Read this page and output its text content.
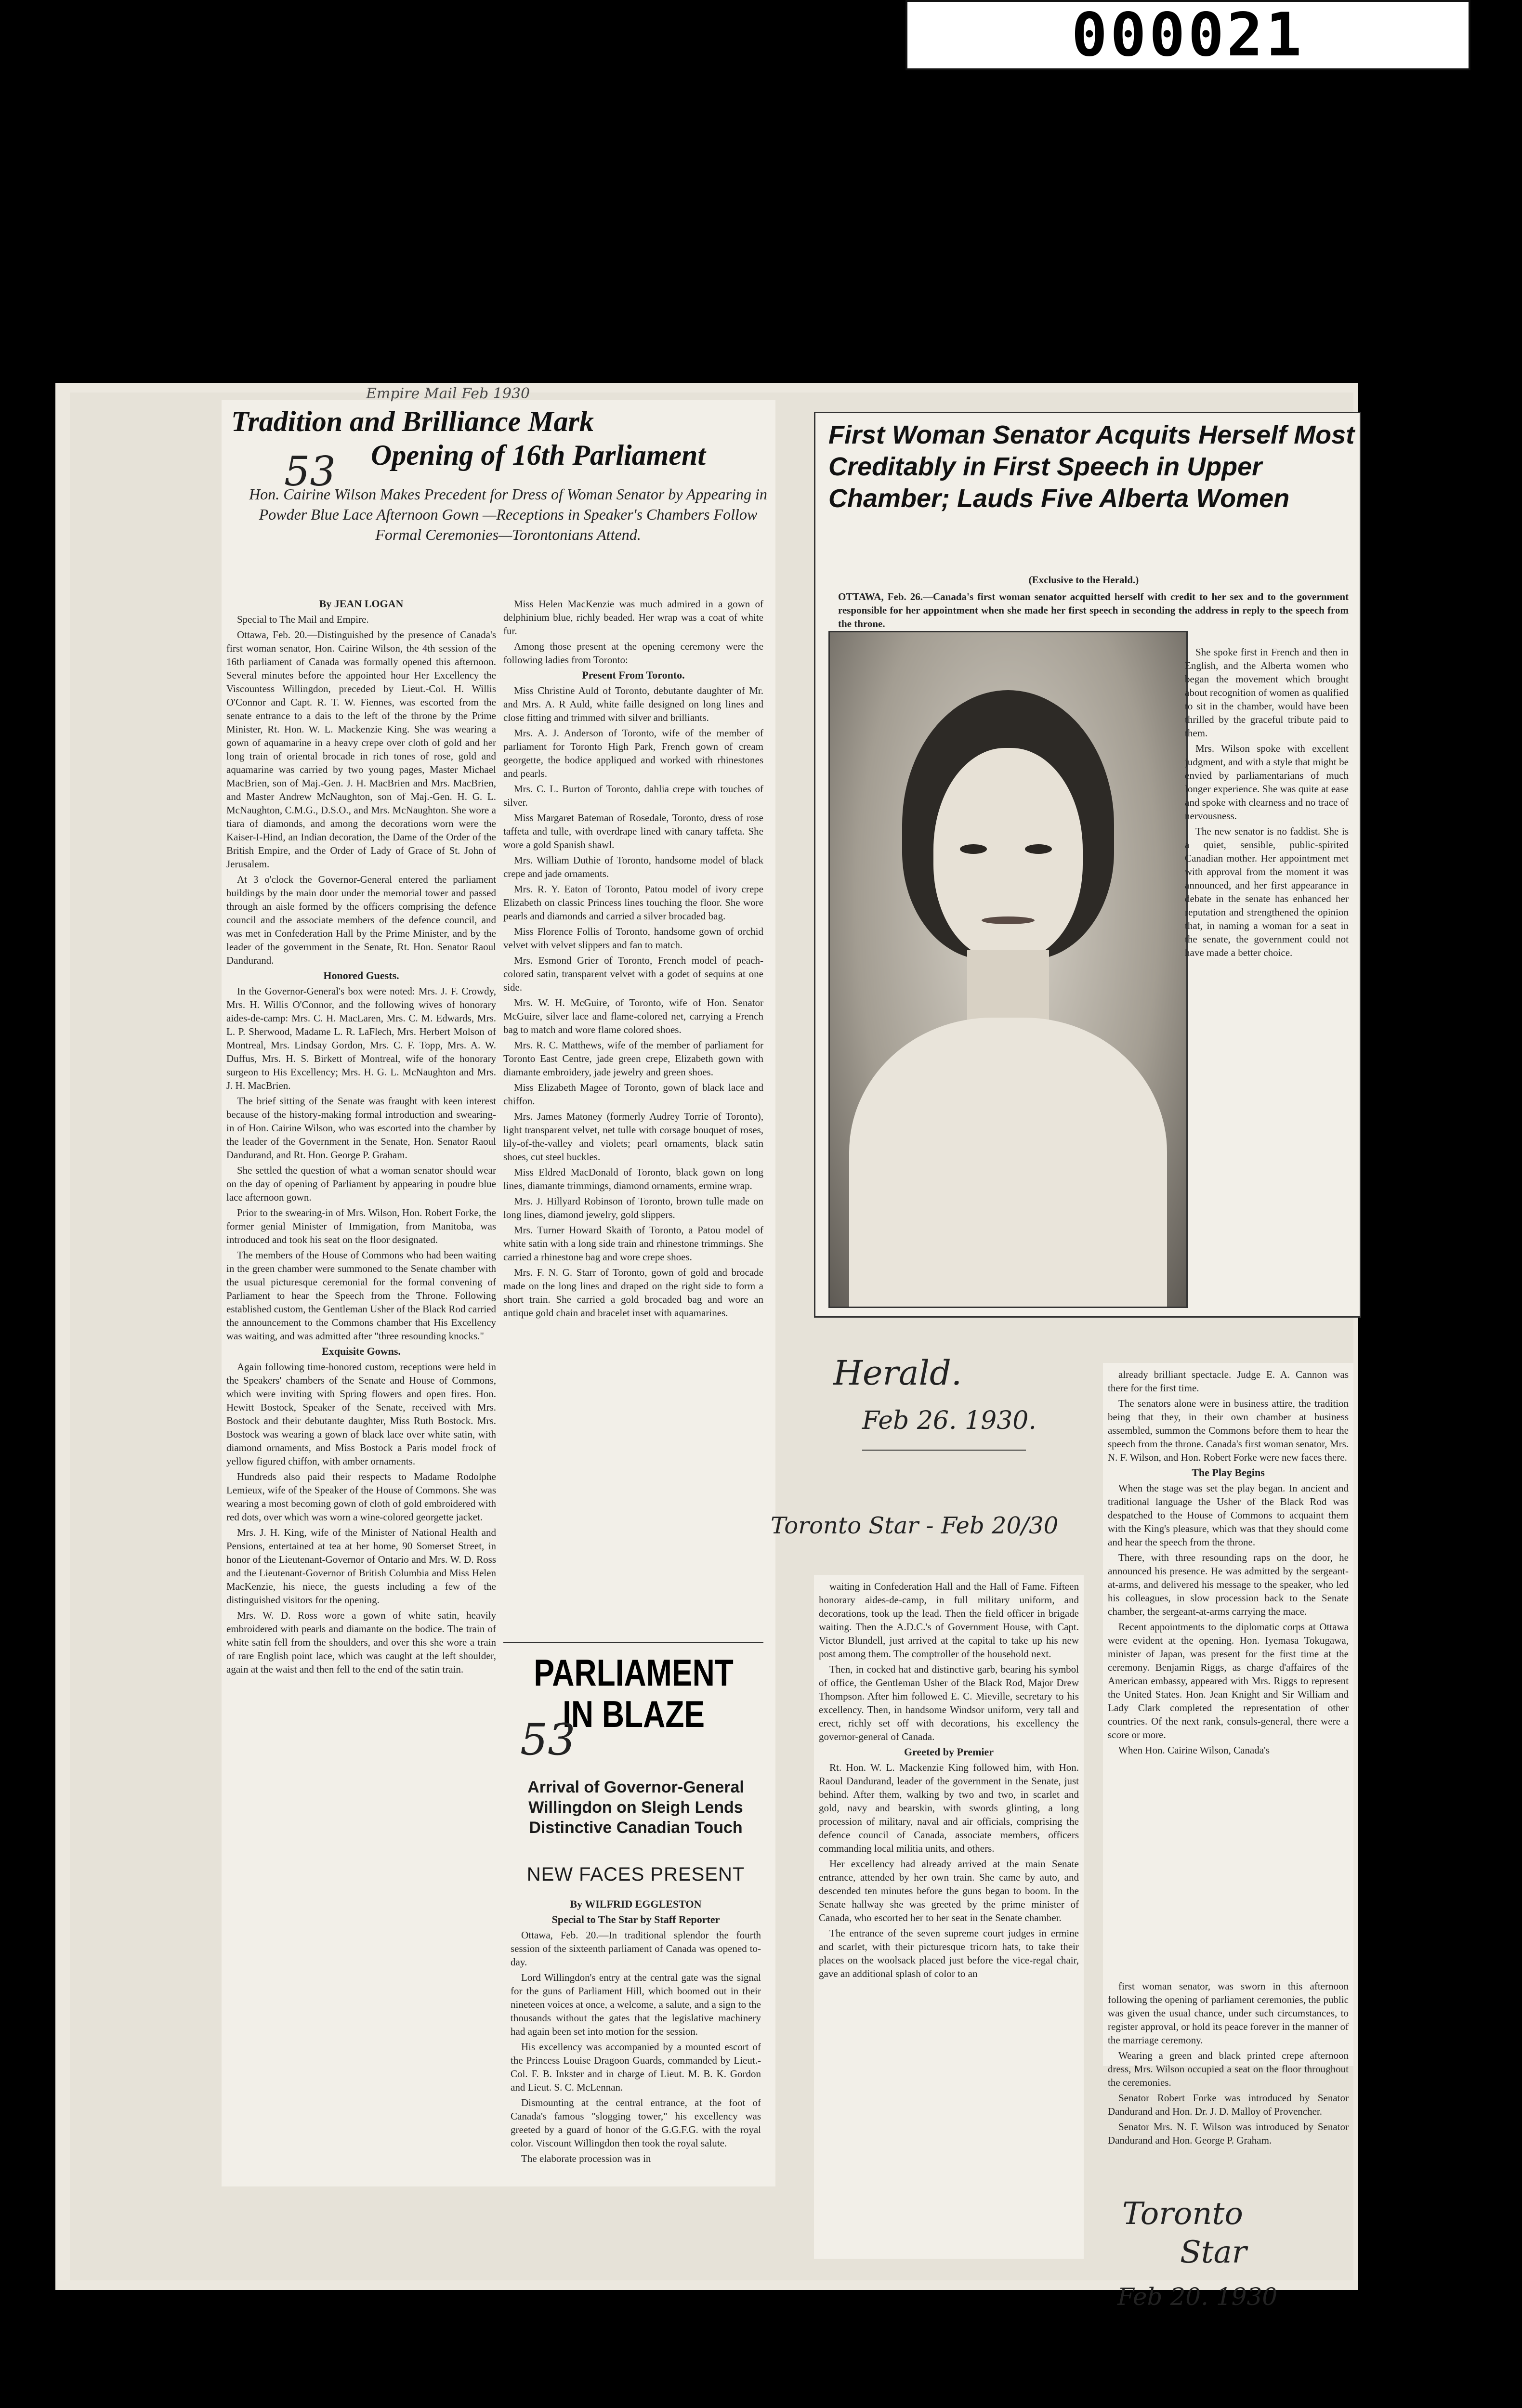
000021
Empire Mail Feb 1930
Tradition and Brilliance Mark
Opening of 16th Parliament
53
Hon. Cairine Wilson Makes Precedent for Dress of Woman Senator by Appearing in Powder Blue Lace Afternoon Gown —Receptions in Speaker's Chambers Follow Formal Ceremonies—Torontonians Attend.

By JEAN LOGAN

Special to The Mail and Empire.

Ottawa, Feb. 20.—Distinguished by the presence of Canada's first woman senator, Hon. Cairine Wilson, the 4th session of the 16th parliament of Canada was formally opened this afternoon. Several minutes before the appointed hour Her Excellency the Viscountess Willingdon, preceded by Lieut.-Col. H. Willis O'Connor and Capt. R. T. W. Fiennes, was escorted from the senate entrance to a dais to the left of the throne by the Prime Minister, Rt. Hon. W. L. Mackenzie King. She was wearing a gown of aquamarine in a heavy crepe over cloth of gold and her long train of oriental brocade in rich tones of rose, gold and aquamarine was carried by two young pages, Master Michael MacBrien, son of Maj.-Gen. J. H. MacBrien and Mrs. MacBrien, and Master Andrew McNaughton, son of Maj.-Gen. H. G. L. McNaughton, C.M.G., D.S.O., and Mrs. McNaughton. She wore a tiara of diamonds, and among the decorations worn were the Kaiser-I-Hind, an Indian decoration, the Dame of the Order of the British Empire, and the Order of Lady of Grace of St. John of Jerusalem.

At 3 o'clock the Governor-General entered the parliament buildings by the main door under the memorial tower and passed through an aisle formed by the officers comprising the defence council and the associate members of the defence council, and was met in Confederation Hall by the Prime Minister, and by the leader of the government in the Senate, Rt. Hon. Senator Raoul Dandurand.

Honored Guests.

In the Governor-General's box were noted: Mrs. J. F. Crowdy, Mrs. H. Willis O'Connor, and the following wives of honorary aides-de-camp: Mrs. C. H. MacLaren, Mrs. C. M. Edwards, Mrs. L. P. Sherwood, Madame L. R. LaFlech, Mrs. Herbert Molson of Montreal, Mrs. Lindsay Gordon, Mrs. C. F. Topp, Mrs. A. W. Duffus, Mrs. H. S. Birkett of Montreal, wife of the honorary surgeon to His Excellency; Mrs. H. G. L. McNaughton and Mrs. J. H. MacBrien.

The brief sitting of the Senate was fraught with keen interest because of the history-making formal introduction and swearing-in of Hon. Cairine Wilson, who was escorted into the chamber by the leader of the Government in the Senate, Hon. Senator Raoul Dandurand, and Rt. Hon. George P. Graham.

She settled the question of what a woman senator should wear on the day of opening of Parliament by appearing in poudre blue lace afternoon gown.

Prior to the swearing-in of Mrs. Wilson, Hon. Robert Forke, the former genial Minister of Immigation, from Manitoba, was introduced and took his seat on the floor designated.

The members of the House of Commons who had been waiting in the green chamber were summoned to the Senate chamber with the usual picturesque ceremonial for the formal convening of Parliament to hear the Speech from the Throne. Following established custom, the Gentleman Usher of the Black Rod carried the announcement to the Commons chamber that His Excellency was waiting, and was admitted after "three resounding knocks."

Exquisite Gowns.

Again following time-honored custom, receptions were held in the Speakers' chambers of the Senate and House of Commons, which were inviting with Spring flowers and open fires. Hon. Hewitt Bostock, Speaker of the Senate, received with Mrs. Bostock and their debutante daughter, Miss Ruth Bostock. Mrs. Bostock was wearing a gown of black lace over white satin, with diamond ornaments, and Miss Bostock a Paris model frock of yellow figured chiffon, with amber ornaments.

Hundreds also paid their respects to Madame Rodolphe Lemieux, wife of the Speaker of the House of Commons. She was wearing a most becoming gown of cloth of gold embroidered with red dots, over which was worn a wine-colored georgette jacket.

Mrs. J. H. King, wife of the Minister of National Health and Pensions, entertained at tea at her home, 90 Somerset Street, in honor of the Lieutenant-Governor of Ontario and Mrs. W. D. Ross and the Lieutenant-Governor of British Columbia and Miss Helen MacKenzie, his niece, the guests including a few of the distinguished visitors for the opening.

Mrs. W. D. Ross wore a gown of white satin, heavily embroidered with pearls and diamante on the bodice. The train of white satin fell from the shoulders, and over this she wore a train of rare English point lace, which was caught at the left shoulder, again at the waist and then fell to the end of the satin train.

Miss Helen MacKenzie was much admired in a gown of delphinium blue, richly beaded. Her wrap was a coat of white fur.

Among those present at the opening ceremony were the following ladies from Toronto:

Present From Toronto.

Miss Christine Auld of Toronto, debutante daughter of Mr. and Mrs. A. R Auld, white faille designed on long lines and close fitting and trimmed with silver and brilliants.

Mrs. A. J. Anderson of Toronto, wife of the member of parliament for Toronto High Park, French gown of cream georgette, the bodice appliqued and worked with rhinestones and pearls.

Mrs. C. L. Burton of Toronto, dahlia crepe with touches of silver.

Miss Margaret Bateman of Rosedale, Toronto, dress of rose taffeta and tulle, with overdrape lined with canary taffeta. She wore a gold Spanish shawl.

Mrs. William Duthie of Toronto, handsome model of black crepe and jade ornaments.

Mrs. R. Y. Eaton of Toronto, Patou model of ivory crepe Elizabeth on classic Princess lines touching the floor. She wore pearls and diamonds and carried a silver brocaded bag.

Miss Florence Follis of Toronto, handsome gown of orchid velvet with velvet slippers and fan to match.

Mrs. Esmond Grier of Toronto, French model of peach-colored satin, transparent velvet with a godet of sequins at one side.

Mrs. W. H. McGuire, of Toronto, wife of Hon. Senator McGuire, silver lace and flame-colored net, carrying a French bag to match and wore flame colored shoes.

Mrs. R. C. Matthews, wife of the member of parliament for Toronto East Centre, jade green crepe, Elizabeth gown with diamante embroidery, jade jewelry and green shoes.

Miss Elizabeth Magee of Toronto, gown of black lace and chiffon.

Mrs. James Matoney (formerly Audrey Torrie of Toronto), light transparent velvet, net tulle with corsage bouquet of roses, lily-of-the-valley and violets; pearl ornaments, black satin shoes, cut steel buckles.

Miss Eldred MacDonald of Toronto, black gown on long lines, diamante trimmings, diamond ornaments, ermine wrap.

Mrs. J. Hillyard Robinson of Toronto, brown tulle made on long lines, diamond jewelry, gold slippers.

Mrs. Turner Howard Skaith of Toronto, a Patou model of white satin with a long side train and rhinestone trimmings. She carried a rhinestone bag and wore crepe shoes.

Mrs. F. N. G. Starr of Toronto, gown of gold and brocade made on the long lines and draped on the right side to form a short train. She carried a gold brocaded bag and wore an antique gold chain and bracelet inset with aquamarines.

PARLIAMENT
IN BLAZE
53
Arrival of Governor-General Willingdon on Sleigh Lends Distinctive Canadian Touch
NEW FACES PRESENT

By WILFRID EGGLESTON

Special to The Star by Staff Reporter

Ottawa, Feb. 20.—In traditional splendor the fourth session of the sixteenth parliament of Canada was opened to-day.

Lord Willingdon's entry at the central gate was the signal for the guns of Parliament Hill, which boomed out in their nineteen voices at once, a welcome, a salute, and a sign to the thousands without the gates that the legislative machinery had again been set into motion for the session.

His excellency was accompanied by a mounted escort of the Princess Louise Dragoon Guards, commanded by Lieut.-Col. F. B. Inkster and in charge of Lieut. M. B. K. Gordon and Lieut. S. C. McLennan.

Dismounting at the central entrance, at the foot of Canada's famous "slogging tower," his excellency was greeted by a guard of honor of the G.G.F.G. with the royal color. Viscount Willingdon then took the royal salute.

The elaborate procession was in

First Woman Senator Acquits Herself Most Creditably in First Speech in Upper Chamber; Lauds Five Alberta Women
(Exclusive to the Herald.)
OTTAWA, Feb. 26.—Canada's first woman senator acquitted herself with credit to her sex and to the government responsible for her appointment when she made her first speech in seconding the address in reply to the speech from the throne.

She spoke first in French and then in English, and the Alberta women who began the movement which brought about recognition of women as qualified to sit in the chamber, would have been thrilled by the graceful tribute paid to them.

Mrs. Wilson spoke with excellent judgment, and with a style that might be envied by parliamentarians of much longer experience. She was quite at ease and spoke with clearness and no trace of nervousness.

The new senator is no faddist. She is a quiet, sensible, public-spirited Canadian mother. Her appointment met with approval from the moment it was announced, and her first appearance in debate in the senate has enhanced her reputation and strengthened the opinion that, in naming a woman for a seat in the senate, the government could not have made a better choice.

Herald.
Feb 26. 1930.
Toronto Star - Feb 20/30

waiting in Confederation Hall and the Hall of Fame. Fifteen honorary aides-de-camp, in full military uniform, and decorations, took up the lead. Then the field officer in brigade waiting. Then the A.D.C.'s of Government House, with Capt. Victor Blundell, just arrived at the capital to take up his new post among them. The comptroller of the household next.

Then, in cocked hat and distinctive garb, bearing his symbol of office, the Gentleman Usher of the Black Rod, Major Drew Thompson. After him followed E. C. Mieville, secretary to his excellency. Then, in handsome Windsor uniform, very tall and erect, richly set off with decorations, his excellency the governor-general of Canada.

Greeted by Premier

Rt. Hon. W. L. Mackenzie King followed him, with Hon. Raoul Dandurand, leader of the government in the Senate, just behind. After them, walking by two and two, in scarlet and gold, navy and bearskin, with swords glinting, a long procession of military, naval and air officials, comprising the defence council of Canada, associate members, officers commanding local militia units, and others.

Her excellency had already arrived at the main Senate entrance, attended by her own train. She came by auto, and descended ten minutes before the guns began to boom. In the Senate hallway she was greeted by the prime minister of Canada, who escorted her to her seat in the Senate chamber.

The entrance of the seven supreme court judges in ermine and scarlet, with their picturesque tricorn hats, to take their places on the woolsack placed just before the vice-regal chair, gave an additional splash of color to an

already brilliant spectacle. Judge E. A. Cannon was there for the first time.

The senators alone were in business attire, the tradition being that they, in their own chamber at business assembled, summon the Commons before them to hear the speech from the throne. Canada's first woman senator, Mrs. N. F. Wilson, and Hon. Robert Forke were new faces there.

The Play Begins

When the stage was set the play began. In ancient and traditional language the Usher of the Black Rod was despatched to the House of Commons to acquaint them with the King's pleasure, which was that they should come and hear the speech from the throne.

There, with three resounding raps on the door, he announced his presence. He was admitted by the sergeant-at-arms, and delivered his message to the speaker, who led his colleagues, in slow procession back to the Senate chamber, the sergeant-at-arms carrying the mace.

Recent appointments to the diplomatic corps at Ottawa were evident at the opening. Hon. Iyemasa Tokugawa, minister of Japan, was present for the first time at the ceremony. Benjamin Riggs, as charge d'affaires of the American embassy, appeared with Mrs. Riggs to represent the United States. Hon. Jean Knight and Sir William and Lady Clark completed the representation of other countries. Of the next rank, consuls-general, there were a score or more.

When Hon. Cairine Wilson, Canada's

first woman senator, was sworn in this afternoon following the opening of parliament ceremonies, the public was given the usual chance, under such circumstances, to register approval, or hold its peace forever in the manner of the marriage ceremony.

Wearing a green and black printed crepe afternoon dress, Mrs. Wilson occupied a seat on the floor throughout the ceremonies.

Senator Robert Forke was introduced by Senator Dandurand and Hon. Dr. J. D. Malloy of Provencher.

Senator Mrs. N. F. Wilson was introduced by Senator Dandurand and Hon. George P. Graham.

Toronto
Star
Feb 20. 1930
